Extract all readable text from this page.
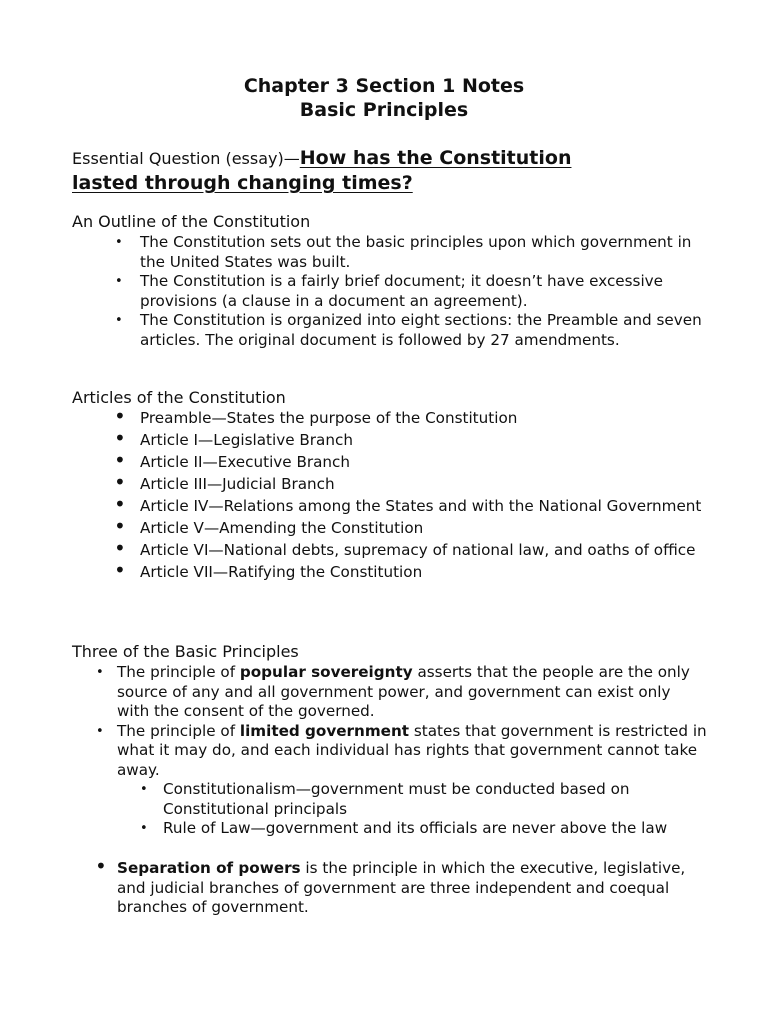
Chapter 3 Section 1 Notes
Basic Principles
Essential Question (essay)—How has the Constitution
lasted through changing times?
An Outline of the Constitution
• The Constitution sets out the basic principles upon which government in the United States was built.
• The Constitution is a fairly brief document; it doesn’t have excessive provisions (a clause in a document an agreement).
• The Constitution is organized into eight sections: the Preamble and seven articles. The original document is followed by 27 amendments.
Articles of the Constitution
• Preamble—States the purpose of the Constitution
• Article I—Legislative Branch
• Article II—Executive Branch
• Article III—Judicial Branch
• Article IV—Relations among the States and with the National Government
• Article V—Amending the Constitution
• Article VI—National debts, supremacy of national law, and oaths of office
• Article VII—Ratifying the Constitution
Three of the Basic Principles
• The principle of popular sovereignty asserts that the people are the only source of any and all government power, and government can exist only with the consent of the governed.
• The principle of limited government states that government is restricted in what it may do, and each individual has rights that government cannot take away.
• Constitutionalism—government must be conducted based on Constitutional principals
• Rule of Law—government and its officials are never above the law
• Separation of powers is the principle in which the executive, legislative, and judicial branches of government are three independent and coequal branches of government.
